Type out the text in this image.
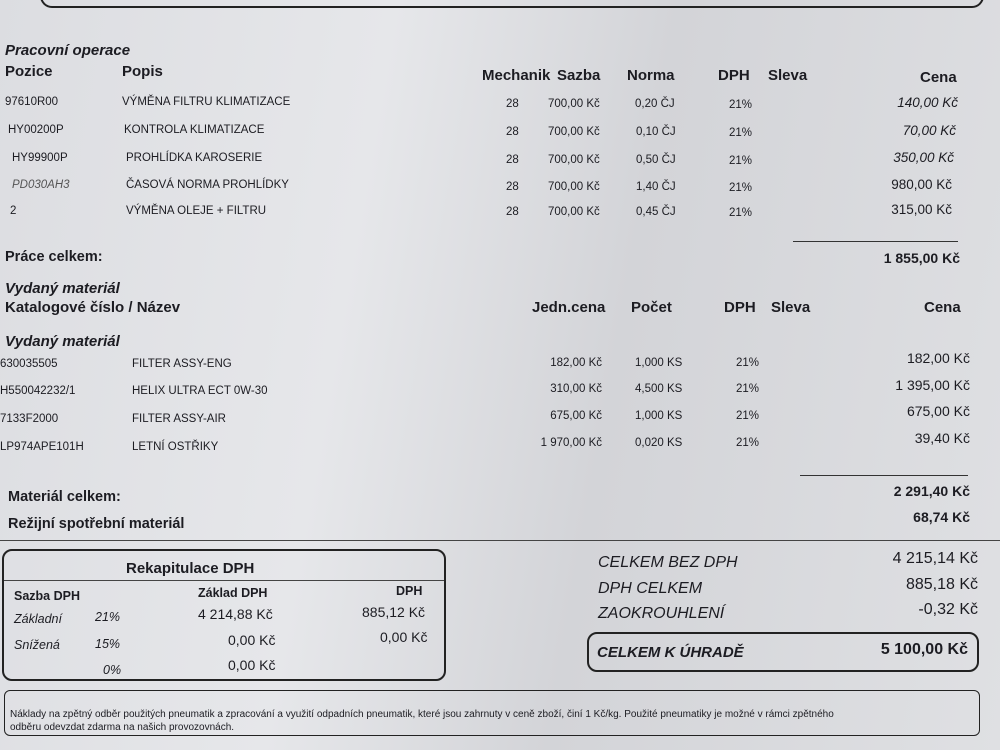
Pracovní operace
Pozice	Popis	Mechanik Sazba Norma	DPH Sleva	Cena
97610R00	VÝMĚNA FILTRU KLIMATIZACE	28	700,00 Kč	0,20 ČJ	21%	140,00 Kč
HY00200P	KONTROLA KLIMATIZACE	28	700,00 Kč	0,10 ČJ	21%	70,00 Kč
HY99900P	PROHLÍDKA KAROSERIE	28	700,00 Kč	0,50 ČJ	21%	350,00 Kč
PD030AH3	ČASOVÁ NORMA PROHLÍDKY	28	700,00 Kč	1,40 ČJ	21%	980,00 Kč
2	VÝMĚNA OLEJE + FILTRU	28	700,00 Kč	0,45 ČJ	21%	315,00 Kč
Práce celkem:	1 855,00 Kč
Vydaný materiál
Katalogové číslo / Název	Jedn.cena Počet	DPH Sleva	Cena
Vydaný materiál
630035505	FILTER ASSY-ENG	182,00 Kč	1,000 KS	21%	182,00 Kč
H550042232/1	HELIX ULTRA ECT 0W-30	310,00 Kč	4,500 KS	21%	1 395,00 Kč
7133F2000	FILTER ASSY-AIR	675,00 Kč	1,000 KS	21%	675,00 Kč
LP974APE101H	LETNÍ OSTŘIKY	1 970,00 Kč	0,020 KS	21%	39,40 Kč
Materiál celkem:	2 291,40 Kč
Režijní spotřební materiál	68,74 Kč
Rekapitulace DPH
Sazba DPH	Základ DPH	DPH
Základní	21%	4 214,88 Kč	885,12 Kč
Snížená	15%	0,00 Kč	0,00 Kč
0%	0,00 Kč
CELKEM BEZ DPH	4 215,14 Kč
DPH CELKEM	885,18 Kč
ZAOKROUHLENÍ	-0,32 Kč
CELKEM K ÚHRADĚ	5 100,00 Kč
Náklady na zpětný odběr použitých pneumatik a zpracování a využití odpadních pneumatik, které jsou zahrnuty v ceně zboží, činí 1 Kč/kg. Použité pneumatiky je možné v rámci zpětného
odběru odevzdat zdarma na našich provozovnách.
